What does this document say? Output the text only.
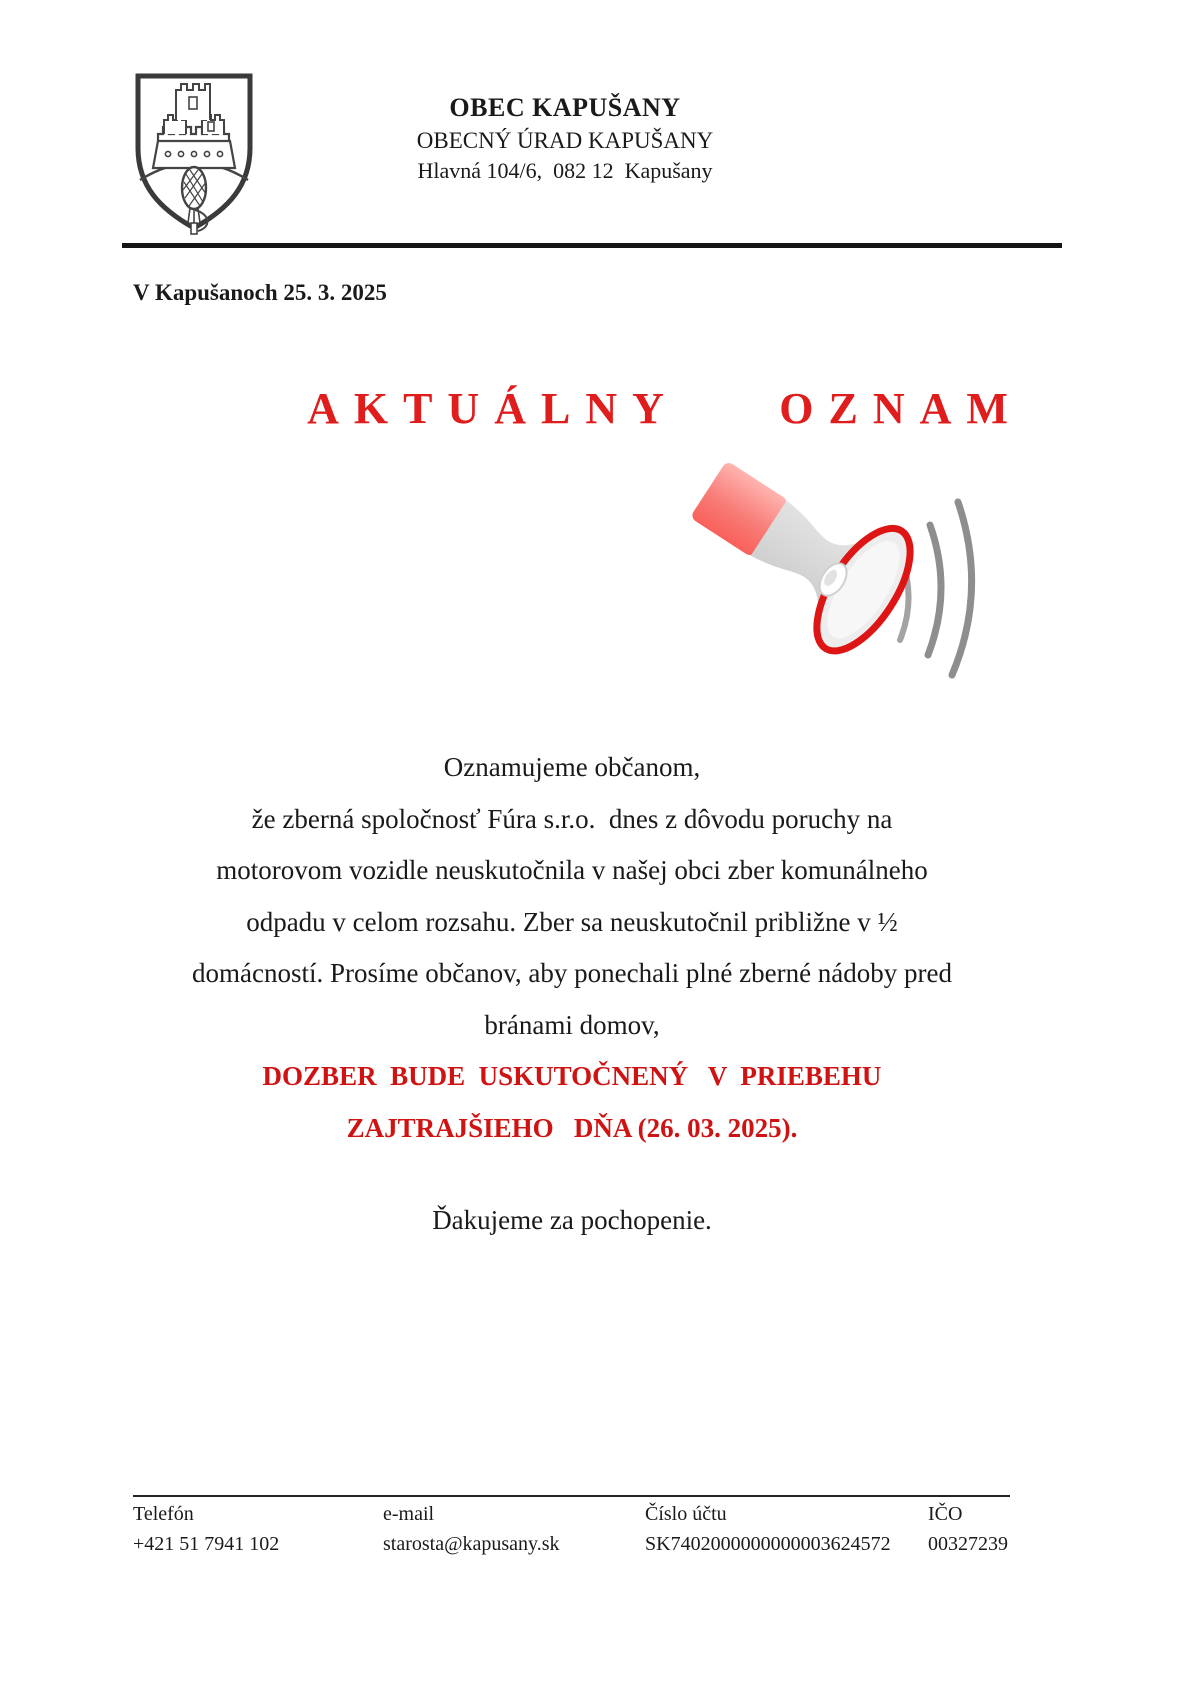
OBEC KAPUŠANY
OBECNÝ ÚRAD KAPUŠANY
Hlavná 104/6,  082 12  Kapušany
V Kapušanoch 25. 3. 2025
AKTUÁLNY  OZNAM
Oznamujeme občanom,
že zberná spoločnosť Fúra s.r.o.  dnes z dôvodu poruchy na
motorovom vozidle neuskutočnila v našej obci zber komunálneho
odpadu v celom rozsahu. Zber sa neuskutočnil približne v ½
domácností. Prosíme občanov, aby ponechali plné zberné nádoby pred
bránami domov,
DOZBER  BUDE  USKUTOČNENÝ   V  PRIEBEHU
ZAJTRAJŠIEHO   DŇA (26. 03. 2025).
Ďakujeme za pochopenie.
Telefón
+421 51 7941 102
e-mail
starosta@kapusany.sk
Číslo účtu
SK7402000000000003624572
IČO
00327239
